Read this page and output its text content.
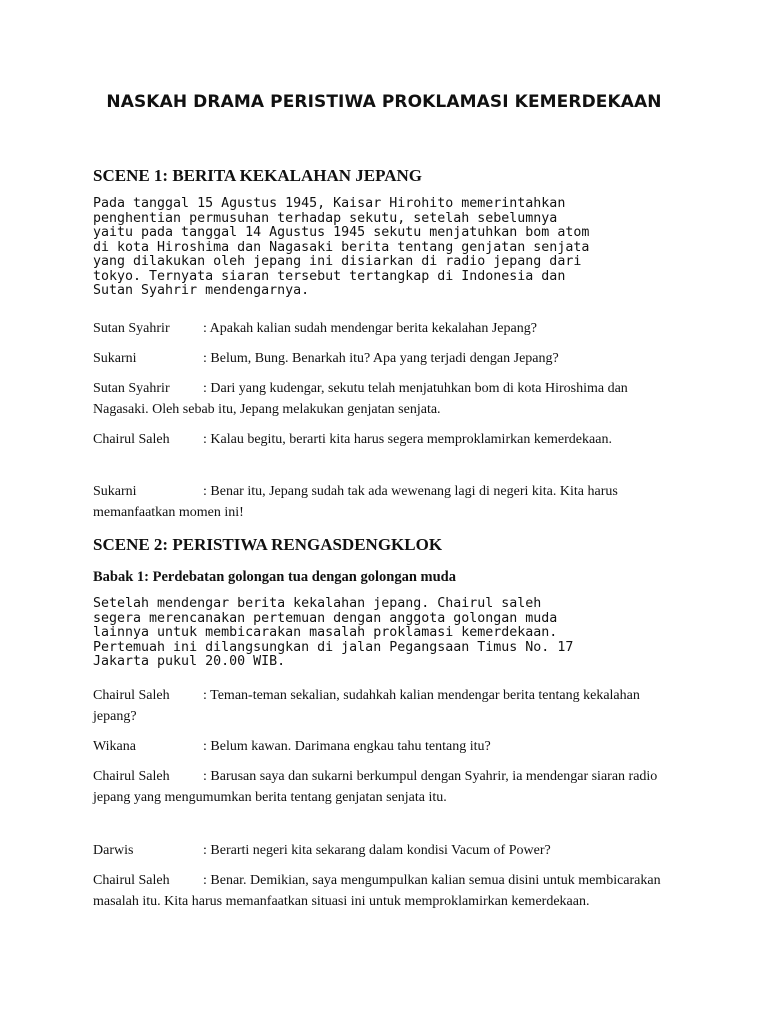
NASKAH DRAMA PERISTIWA PROKLAMASI KEMERDEKAAN
SCENE 1: BERITA KEKALAHAN JEPANG
Pada tanggal 15 Agustus 1945, Kaisar Hirohito memerintahkan
penghentian permusuhan terhadap sekutu, setelah sebelumnya
yaitu pada tanggal 14 Agustus 1945 sekutu menjatuhkan bom atom
di kota Hiroshima dan Nagasaki berita tentang genjatan senjata
yang dilakukan oleh jepang ini disiarkan di radio jepang dari
tokyo. Ternyata siaran tersebut tertangkap di Indonesia dan
Sutan Syahrir mendengarnya.
Sutan Syahrir : Apakah kalian sudah mendengar berita kekalahan Jepang?
Sukarni	: Belum, Bung. Benarkah itu? Apa yang terjadi dengan Jepang?
Sutan Syahrir : Dari yang kudengar, sekutu telah menjatuhkan bom di kota Hiroshima dan Nagasaki. Oleh sebab itu, Jepang melakukan genjatan senjata.
Chairul Saleh : Kalau begitu, berarti kita harus segera memproklamirkan kemerdekaan.
Sukarni	: Benar itu, Jepang sudah tak ada wewenang lagi di negeri kita. Kita harus memanfaatkan momen ini!
SCENE 2: PERISTIWA RENGASDENGKLOK
Babak 1: Perdebatan golongan tua dengan golongan muda
Setelah mendengar berita kekalahan jepang. Chairul saleh
segera merencanakan pertemuan dengan anggota golongan muda
lainnya untuk membicarakan masalah proklamasi kemerdekaan.
Pertemuah ini dilangsungkan di jalan Pegangsaan Timus No. 17
Jakarta pukul 20.00 WIB.
Chairul Saleh : Teman-teman sekalian, sudahkah kalian mendengar berita tentang kekalahan jepang?
Wikana	: Belum kawan. Darimana engkau tahu tentang itu?
Chairul Saleh : Barusan saya dan sukarni berkumpul dengan Syahrir, ia mendengar siaran radio jepang yang mengumumkan berita tentang genjatan senjata itu.
Darwis	: Berarti negeri kita sekarang dalam kondisi Vacum of Power?
Chairul Saleh : Benar. Demikian, saya mengumpulkan kalian semua disini untuk membicarakan masalah itu. Kita harus memanfaatkan situasi ini untuk memproklamirkan kemerdekaan.
